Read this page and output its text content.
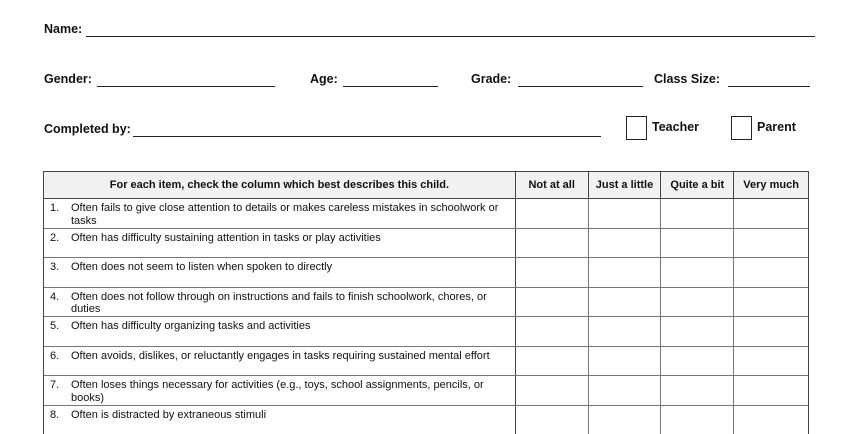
Name:
Gender:	Age:	Grade:	Class Size:
Completed by:	Teacher	Parent
For each item, check the column which best describes this child.	Not at all	Just a little	Quite a bit	Very much
1. Often fails to give close attention to details or makes careless mistakes in schoolwork or tasks
2. Often has difficulty sustaining attention in tasks or play activities
3. Often does not seem to listen when spoken to directly
4. Often does not follow through on instructions and fails to finish schoolwork, chores, or duties
5. Often has difficulty organizing tasks and activities
6. Often avoids, dislikes, or reluctantly engages in tasks requiring sustained mental effort
7. Often loses things necessary for activities (e.g., toys, school assignments, pencils, or books)
8. Often is distracted by extraneous stimuli
